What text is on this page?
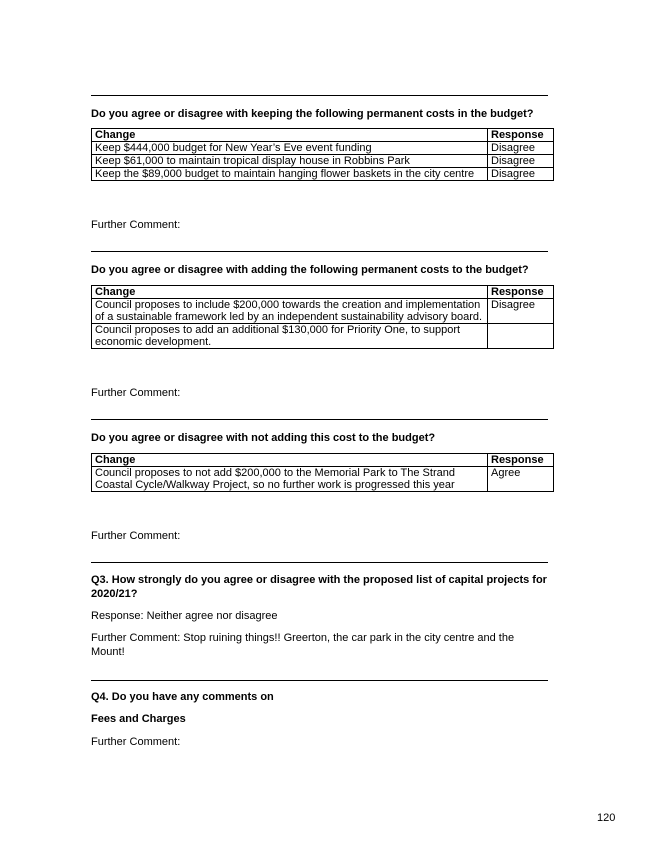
Do you agree or disagree with keeping the following permanent costs in the budget?
Change	Response
Keep $444,000 budget for New Year’s Eve event funding	Disagree
Keep $61,000 to maintain tropical display house in Robbins Park	Disagree
Keep the $89,000 budget to maintain hanging flower baskets in the city centre	Disagree
Further Comment:
Do you agree or disagree with adding the following permanent costs to the budget?
Change	Response
Council proposes to include $200,000 towards the creation and implementation of a sustainable framework led by an independent sustainability advisory board.	Disagree
Council proposes to add an additional $130,000 for Priority One, to support economic development.	
Further Comment:
Do you agree or disagree with not adding this cost to the budget?
Change	Response
Council proposes to not add $200,000 to the Memorial Park to The Strand Coastal Cycle/Walkway Project, so no further work is progressed this year	Agree
Further Comment:
Q3. How strongly do you agree or disagree with the proposed list of capital projects for 2020/21?
Response: Neither agree nor disagree
Further Comment: Stop ruining things!! Greerton, the car park in the city centre and the Mount!
Q4. Do you have any comments on
Fees and Charges
Further Comment:
120
